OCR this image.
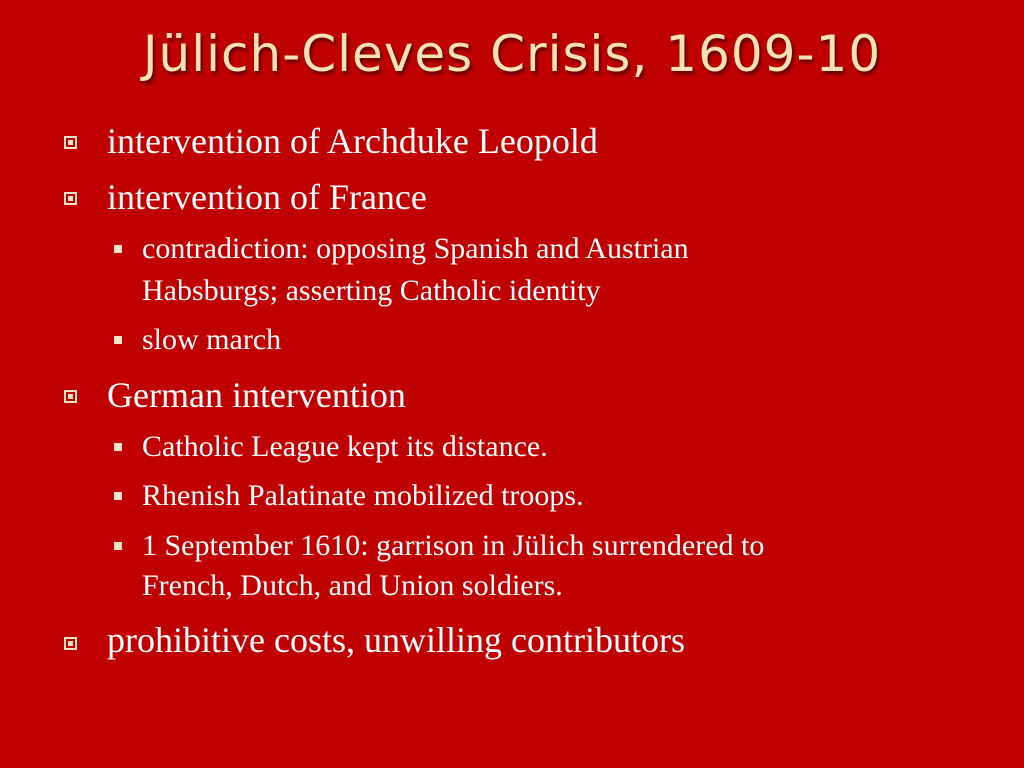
Jülich-Cleves Crisis, 1609-10
intervention of Archduke Leopold
intervention of France
contradiction: opposing Spanish and Austrian
Habsburgs; asserting Catholic identity
slow march
German intervention
Catholic League kept its distance.
Rhenish Palatinate mobilized troops.
1 September 1610: garrison in Jülich surrendered to
French, Dutch, and Union soldiers.
prohibitive costs, unwilling contributors
